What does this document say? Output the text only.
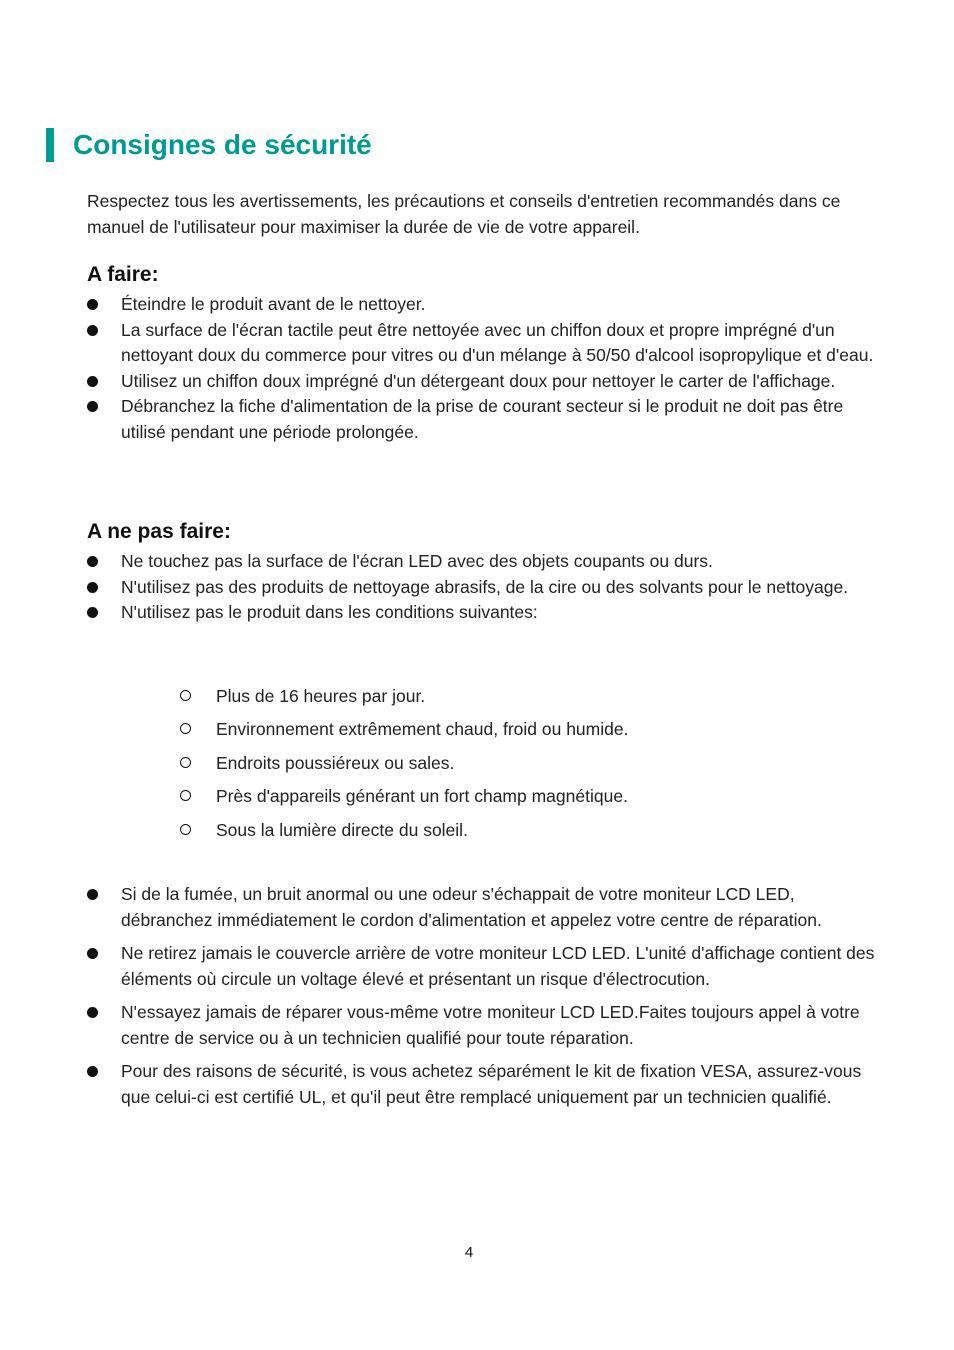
Consignes de sécurité

Respectez tous les avertissements, les précautions et conseils d'entretien recommandés dans ce manuel de l'utilisateur pour maximiser la durée de vie de votre appareil.

A faire:
Éteindre le produit avant de le nettoyer.
La surface de l'écran tactile peut être nettoyée avec un chiffon doux et propre imprégné d'un nettoyant doux du commerce pour vitres ou d'un mélange à 50/50 d'alcool isopropylique et d'eau.
Utilisez un chiffon doux imprégné d'un détergeant doux pour nettoyer le carter de l'affichage.
Débranchez la fiche d'alimentation de la prise de courant secteur si le produit ne doit pas être utilisé pendant une période prolongée.
A ne pas faire:
Ne touchez pas la surface de l'écran LED avec des objets coupants ou durs.
N'utilisez pas des produits de nettoyage abrasifs, de la cire ou des solvants pour le nettoyage.
N'utilisez pas le produit dans les conditions suivantes:
Plus de 16 heures par jour.
Environnement extrêmement chaud, froid ou humide.
Endroits poussiéreux ou sales.
Près d'appareils générant un fort champ magnétique.
Sous la lumière directe du soleil.
Si de la fumée, un bruit anormal ou une odeur s'échappait de votre moniteur LCD LED, débranchez immédiatement le cordon d'alimentation et appelez votre centre de réparation.
Ne retirez jamais le couvercle arrière de votre moniteur LCD LED. L'unité d'affichage contient des éléments où circule un voltage élevé et présentant un risque d'électrocution.
N'essayez jamais de réparer vous-même votre moniteur LCD LED.Faites toujours appel à votre centre de service ou à un technicien qualifié pour toute réparation.
Pour des raisons de sécurité, is vous achetez séparément le kit de fixation VESA, assurez-vous que celui-ci est certifié UL, et qu'il peut être remplacé uniquement par un technicien qualifié.
4
